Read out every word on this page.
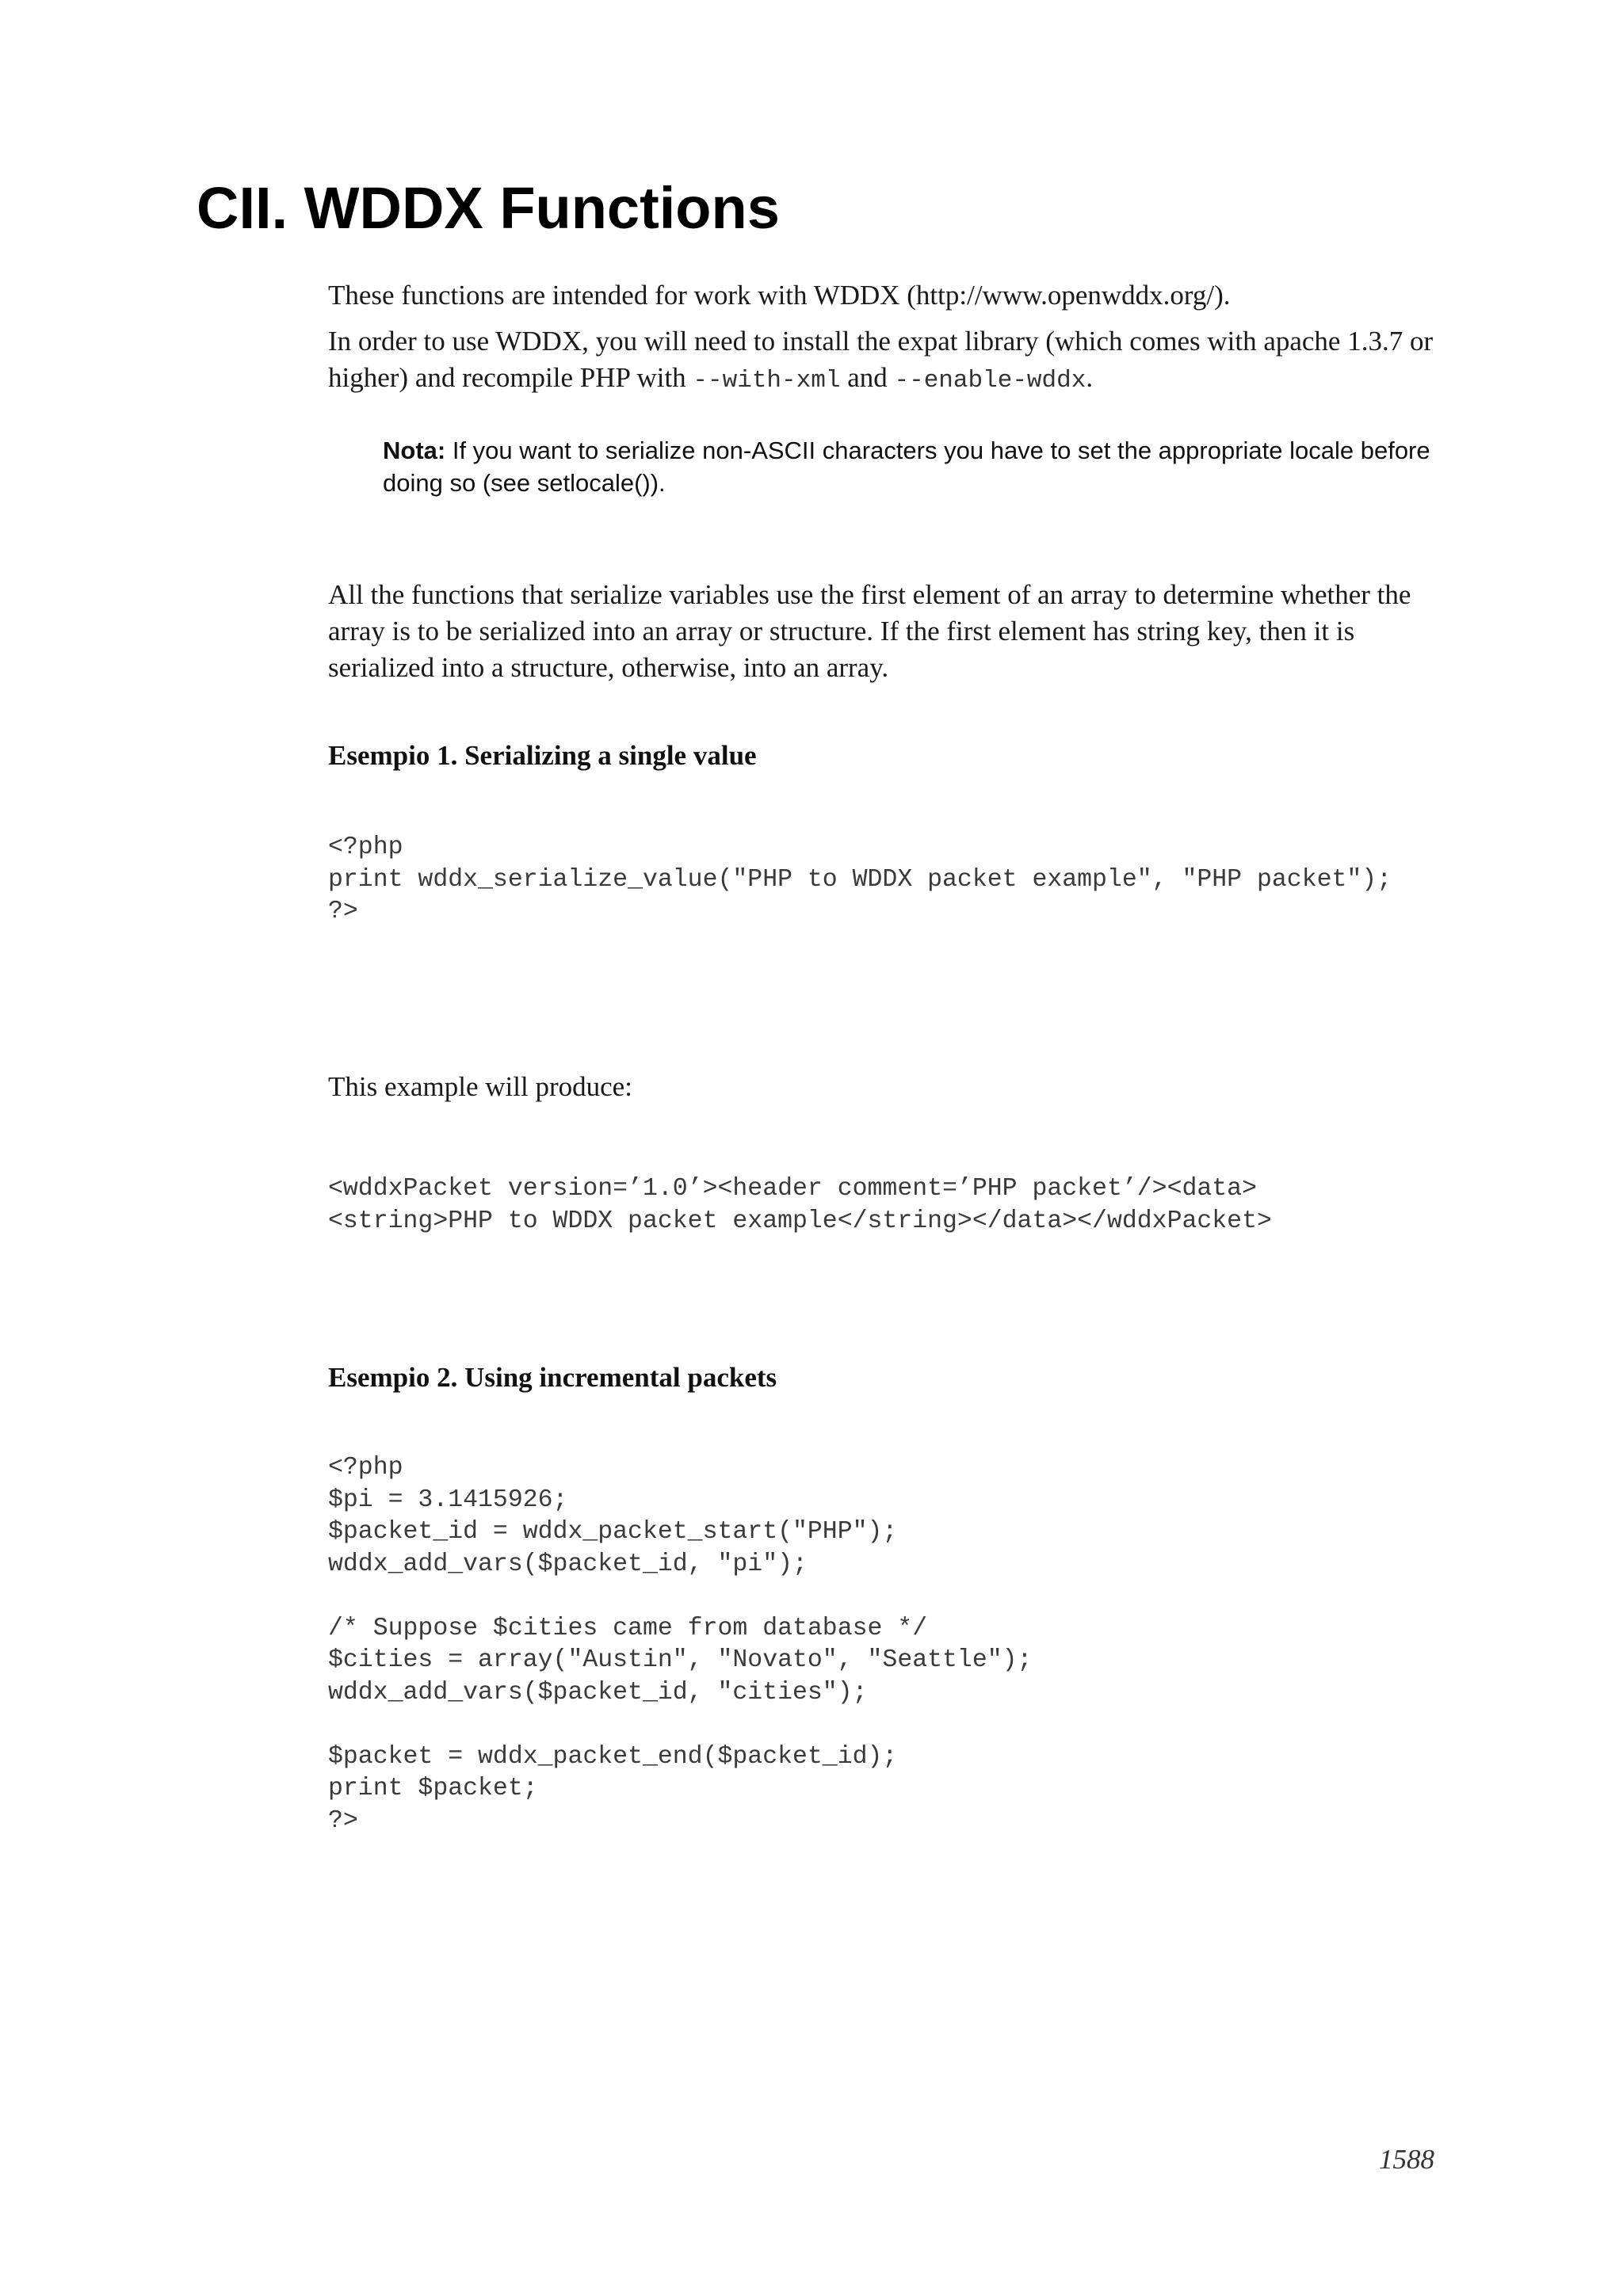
CII. WDDX Functions

These functions are intended for work with WDDX (http://www.openwddx.org/).

In order to use WDDX, you will need to install the expat library (which comes with apache 1.3.7 or higher) and recompile PHP with --with-xml and --enable-wddx.

Nota: If you want to serialize non-ASCII characters you have to set the appropriate locale before doing so (see setlocale()).

All the functions that serialize variables use the first element of an array to determine whether the array is to be serialized into an array or structure. If the first element has string key, then it is serialized into a structure, otherwise, into an array.

Esempio 1. Serializing a single value
<?php
print wddx_serialize_value("PHP to WDDX packet example", "PHP packet");
?>

This example will produce:

<wddxPacket version=’1.0’><header comment=’PHP packet’/><data>
<string>PHP to WDDX packet example</string></data></wddxPacket>
Esempio 2. Using incremental packets
<?php
$pi = 3.1415926;
$packet_id = wddx_packet_start("PHP");
wddx_add_vars($packet_id, "pi");

/* Suppose $cities came from database */
$cities = array("Austin", "Novato", "Seattle");
wddx_add_vars($packet_id, "cities");

$packet = wddx_packet_end($packet_id);
print $packet;
?>
1588
